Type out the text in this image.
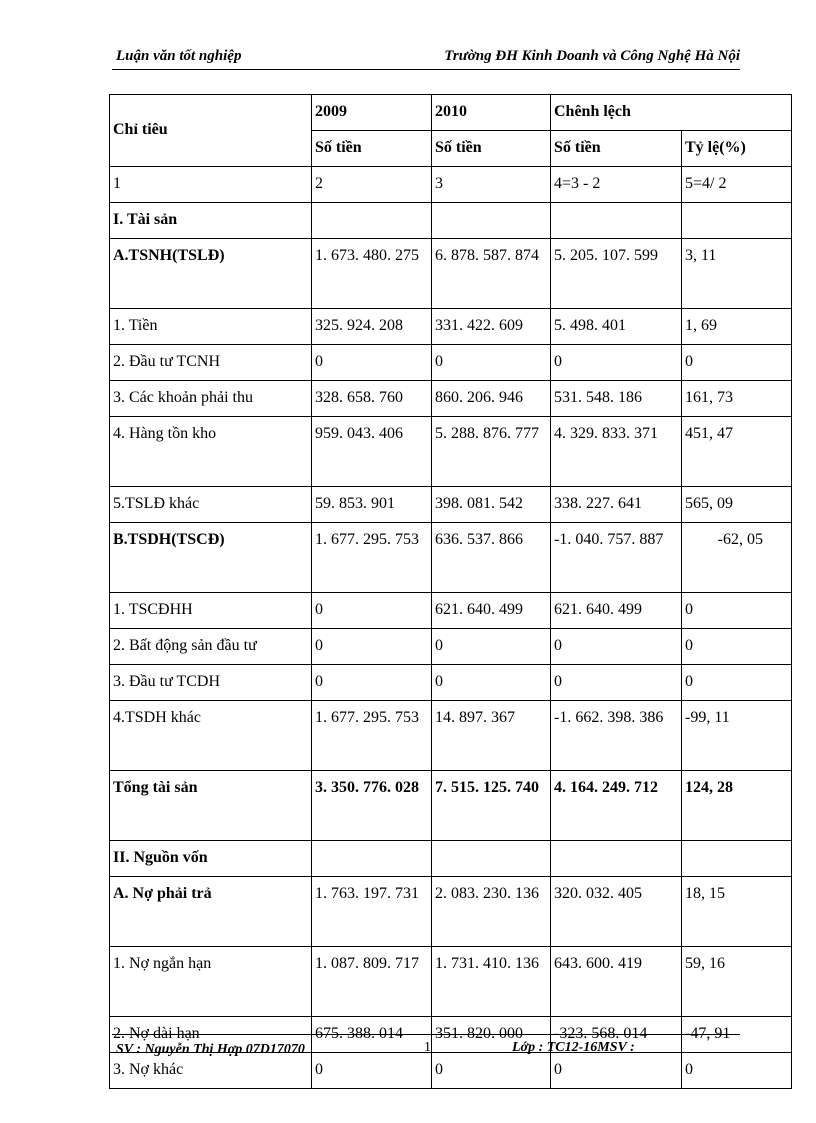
Luận văn tốt nghiệp	Trường ĐH Kinh Doanh và Công Nghệ Hà Nội
Chỉ tiêu	2009	2010	Chênh lệch	
	Số tiền	Số tiền	Số tiền	Tỷ lệ(%)
1	2	3	4=3 - 2	5=4/ 2
I. Tài sản				
A.TSNH(TSLĐ)	1. 673. 480. 275	6. 878. 587. 874	5. 205. 107. 599	3, 11
1. Tiền	325. 924. 208	331. 422. 609	5. 498. 401	1, 69
2. Đầu tư TCNH	0	0	0	0
3. Các khoản phải thu	328. 658. 760	860. 206. 946	531. 548. 186	161, 73
4. Hàng tồn kho	959. 043. 406	5. 288. 876. 777	4. 329. 833. 371	451, 47
5.TSLĐ khác	59. 853. 901	398. 081. 542	338. 227. 641	565, 09
B.TSDH(TSCĐ)	1. 677. 295. 753	636. 537. 866	-1. 040. 757. 887	-62, 05
1. TSCĐHH	0	621. 640. 499	621. 640. 499	0
2. Bất động sản đầu tư	0	0	0	0
3. Đầu tư TCDH	0	0	0	0
4.TSDH khác	1. 677. 295. 753	14. 897. 367	-1. 662. 398. 386	-99, 11
Tổng tài sản	3. 350. 776. 028	7. 515. 125. 740	4. 164. 249. 712	124, 28
II. Nguồn vốn				
A. Nợ phải trả	1. 763. 197. 731	2. 083. 230. 136	320. 032. 405	18, 15
1. Nợ ngắn hạn	1. 087. 809. 717	1. 731. 410. 136	643. 600. 419	59, 16
2. Nợ dài hạn	675. 388. 014	351. 820. 000	-323. 568. 014	-47, 91
3. Nợ khác	0	0	0	0
SV : Nguyễn Thị Hợp 07D17070	1	Lớp : TC12-16MSV :
